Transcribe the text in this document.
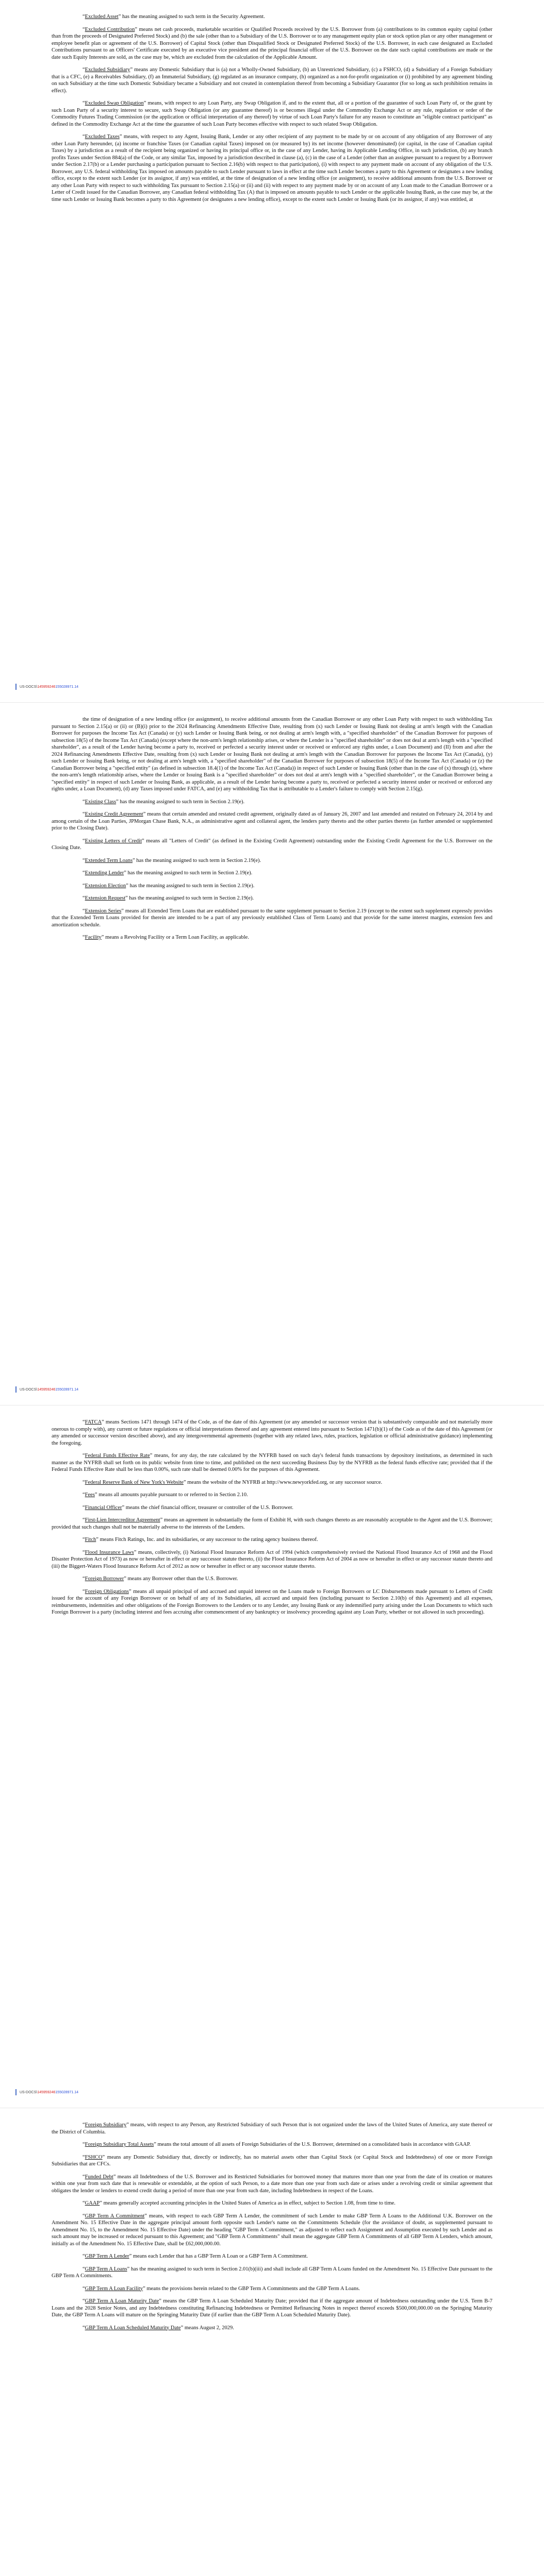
“Excluded Asset” has the meaning assigned to such term in the Security Agreement.

“Excluded Contribution” means net cash proceeds, marketable securities or Qualified Proceeds received by the U.S. Borrower from (a) contributions to its common equity capital (other than from the proceeds of Designated Preferred Stock) and (b) the sale (other than to a Subsidiary of the U.S. Borrower or to any management equity plan or stock option plan or any other management or employee benefit plan or agreement of the U.S. Borrower) of Capital Stock (other than Disqualified Stock or Designated Preferred Stock) of the U.S. Borrower, in each case designated as Excluded Contributions pursuant to an Officers' Certificate executed by an executive vice president and the principal financial officer of the U.S. Borrower on the date such capital contributions are made or the date such Equity Interests are sold, as the case may be, which are excluded from the calculation of the Applicable Amount.

“Excluded Subsidiary” means any Domestic Subsidiary that is (a) not a Wholly-Owned Subsidiary, (b) an Unrestricted Subsidiary, (c) a FSHCO, (d) a Subsidiary of a Foreign Subsidiary that is a CFC, (e) a Receivables Subsidiary, (f) an Immaterial Subsidiary, (g) regulated as an insurance company, (h) organized as a not-for-profit organization or (i) prohibited by any agreement binding on such Subsidiary at the time such Domestic Subsidiary became a Subsidiary and not created in contemplation thereof from becoming a Subsidiary Guarantor (for so long as such prohibition remains in effect).

“Excluded Swap Obligation” means, with respect to any Loan Party, any Swap Obligation if, and to the extent that, all or a portion of the guarantee of such Loan Party of, or the grant by such Loan Party of a security interest to secure, such Swap Obligation (or any guarantee thereof) is or becomes illegal under the Commodity Exchange Act or any rule, regulation or order of the Commodity Futures Trading Commission (or the application or official interpretation of any thereof) by virtue of such Loan Party's failure for any reason to constitute an "eligible contract participant" as defined in the Commodity Exchange Act at the time the guarantee of such Loan Party becomes effective with respect to such related Swap Obligation.

“Excluded Taxes” means, with respect to any Agent, Issuing Bank, Lender or any other recipient of any payment to be made by or on account of any obligation of any Borrower of any other Loan Party hereunder, (a) income or franchise Taxes (or Canadian capital Taxes) imposed on (or measured by) its net income (however denominated) (or capital, in the case of Canadian capital Taxes) by a jurisdiction as a result of the recipient being organized or having its principal office or, in the case of any Lender, having its Applicable Lending Office, in such jurisdiction, (b) any branch profits Taxes under Section 884(a) of the Code, or any similar Tax, imposed by a jurisdiction described in clause (a), (c) in the case of a Lender (other than an assignee pursuant to a request by a Borrower under Section 2.17(b) or a Lender purchasing a participation pursuant to Section 2.16(b) with respect to that participation), (i) with respect to any payment made on account of any obligation of the U.S. Borrower, any U.S. federal withholding Tax imposed on amounts payable to such Lender pursuant to laws in effect at the time such Lender becomes a party to this Agreement or designates a new lending office, except to the extent such Lender (or its assignor, if any) was entitled, at the time of designation of a new lending office (or assignment), to receive additional amounts from the U.S. Borrower or any other Loan Party with respect to such withholding Tax pursuant to Section 2.15(a) or (ii) and (ii) with respect to any payment made by or on account of any Loan made to the Canadian Borrower or a Letter of Credit issued for the Canadian Borrower, any Canadian federal withholding Tax (A) that is imposed on amounts payable to such Lender or the applicable Issuing Bank, as the case may be, at the time such Lender or Issuing Bank becomes a party to this Agreement (or designates a new lending office), except to the extent such Lender or Issuing Bank (or its assignor, if any) was entitled, at

US-DOCS\145959246155028971.14

the time of designation of a new lending office (or assignment), to receive additional amounts from the Canadian Borrower or any other Loan Party with respect to such withholding Tax pursuant to Section 2.15(a) or (ii) or (B)(i) prior to the 2024 Refinancing Amendments Effective Date, resulting from (x) such Lender or Issuing Bank not dealing at arm's length with the Canadian Borrower for purposes the Income Tax Act (Canada) or (y) such Lender or Issuing Bank being, or not dealing at arm's length with, a "specified shareholder" of the Canadian Borrower for purposes of subsection 18(5) of the Income Tax Act (Canada) (except where the non-arm's length relationship arises, or where the Lender is a "specified shareholder" or does not deal at arm's length with a "specified shareholder", as a result of the Lender having become a party to, received or perfected a security interest under or received or enforced any rights under, a Loan Document) and (II) from and after the 2024 Refinancing Amendments Effective Date, resulting from (x) such Lender or Issuing Bank not dealing at arm's length with the Canadian Borrower for purposes the Income Tax Act (Canada), (y) such Lender or Issuing Bank being, or not dealing at arm's length with, a "specified shareholder" of the Canadian Borrower for purposes of subsection 18(5) of the Income Tax Act (Canada) or (z) the Canadian Borrower being a "specified entity" (as defined in subsection 18.4(1) of the Income Tax Act (Canada)) in respect of such Lender or Issuing Bank (other than in the case of (x) through (z), where the non-arm's length relationship arises, where the Lender or Issuing Bank is a "specified shareholder" or does not deal at arm's length with a "specified shareholder", or the Canadian Borrower being a "specified entity" in respect of such Lender or Issuing Bank, as applicable, as a result of the Lender having become a party to, received or perfected a security interest under or received or enforced any rights under, a Loan Document), (d) any Taxes imposed under FATCA, and (e) any withholding Tax that is attributable to a Lender's failure to comply with Section 2.15(g).

“Existing Class” has the meaning assigned to such term in Section 2.19(e).

“Existing Credit Agreement” means that certain amended and restated credit agreement, originally dated as of January 26, 2007 and last amended and restated on February 24, 2014 by and among certain of the Loan Parties, JPMorgan Chase Bank, N.A., as administrative agent and collateral agent, the lenders party thereto and the other parties thereto (as further amended or supplemented prior to the Closing Date).

“Existing Letters of Credit” means all "Letters of Credit" (as defined in the Existing Credit Agreement) outstanding under the Existing Credit Agreement for the U.S. Borrower on the Closing Date.

“Extended Term Loans” has the meaning assigned to such term in Section 2.19(e).

“Extending Lender” has the meaning assigned to such term in Section 2.19(e).

“Extension Election” has the meaning assigned to such term in Section 2.19(e).

“Extension Request” has the meaning assigned to such term in Section 2.19(e).

“Extension Series” means all Extended Term Loans that are established pursuant to the same supplement pursuant to Section 2.19 (except to the extent such supplement expressly provides that the Extended Term Loans provided for therein are intended to be a part of any previously established Class of Term Loans) and that provide for the same interest margins, extension fees and amortization schedule.

“Facility” means a Revolving Facility or a Term Loan Facility, as applicable.

US-DOCS\145959246155028971.14

“FATCA” means Sections 1471 through 1474 of the Code, as of the date of this Agreement (or any amended or successor version that is substantively comparable and not materially more onerous to comply with), any current or future regulations or official interpretations thereof and any agreement entered into pursuant to Section 1471(b)(1) of the Code as of the date of this Agreement (or any amended or successor version described above), and any intergovernmental agreements (together with any related laws, rules, practices, legislation or official administrative guidance) implementing the foregoing.

“Federal Funds Effective Rate” means, for any day, the rate calculated by the NYFRB based on such day's federal funds transactions by depository institutions, as determined in such manner as the NYFRB shall set forth on its public website from time to time, and published on the next succeeding Business Day by the NYFRB as the federal funds effective rate; provided that if the Federal Funds Effective Rate shall be less than 0.00%, such rate shall be deemed 0.00% for the purposes of this Agreement.

“Federal Reserve Bank of New York's Website” means the website of the NYFRB at http://www.newyorkfed.org, or any successor source.

“Fees” means all amounts payable pursuant to or referred to in Section 2.10.

“Financial Officer” means the chief financial officer, treasurer or controller of the U.S. Borrower.

“First-Lien Intercreditor Agreement” means an agreement in substantially the form of Exhibit H, with such changes thereto as are reasonably acceptable to the Agent and the U.S. Borrower; provided that such changes shall not be materially adverse to the interests of the Lenders.

“Fitch” means Fitch Ratings, Inc. and its subsidiaries, or any successor to the rating agency business thereof.

“Flood Insurance Laws” means, collectively, (i) National Flood Insurance Reform Act of 1994 (which comprehensively revised the National Flood Insurance Act of 1968 and the Flood Disaster Protection Act of 1973) as now or hereafter in effect or any successor statute thereto, (ii) the Flood Insurance Reform Act of 2004 as now or hereafter in effect or any successor statute thereto and (iii) the Biggert-Waters Flood Insurance Reform Act of 2012 as now or hereafter in effect or any successor statute thereto.

“Foreign Borrower” means any Borrower other than the U.S. Borrower.

“Foreign Obligations” means all unpaid principal of and accrued and unpaid interest on the Loans made to Foreign Borrowers or LC Disbursements made pursuant to Letters of Credit issued for the account of any Foreign Borrower or on behalf of any of its Subsidiaries, all accrued and unpaid fees (including pursuant to Section 2.10(b) of this Agreement) and all expenses, reimbursements, indemnities and other obligations of the Foreign Borrowers to the Lenders or to any Lender, any Issuing Bank or any indemnified party arising under the Loan Documents to which such Foreign Borrower is a party (including interest and fees accruing after commencement of any bankruptcy or insolvency proceeding against any Loan Party, whether or not allowed in such proceeding).

US-DOCS\145959246155028971.14

“Foreign Subsidiary” means, with respect to any Person, any Restricted Subsidiary of such Person that is not organized under the laws of the United States of America, any state thereof or the District of Columbia.

“Foreign Subsidiary Total Assets” means the total amount of all assets of Foreign Subsidiaries of the U.S. Borrower, determined on a consolidated basis in accordance with GAAP.

“FSHCO” means any Domestic Subsidiary that, directly or indirectly, has no material assets other than Capital Stock (or Capital Stock and Indebtedness) of one or more Foreign Subsidiaries that are CFCs.

“Funded Debt” means all Indebtedness of the U.S. Borrower and its Restricted Subsidiaries for borrowed money that matures more than one year from the date of its creation or matures within one year from such date that is renewable or extendable, at the option of such Person, to a date more than one year from such date or arises under a revolving credit or similar agreement that obligates the lender or lenders to extend credit during a period of more than one year from such date, including Indebtedness in respect of the Loans.

“GAAP” means generally accepted accounting principles in the United States of America as in effect, subject to Section 1.08, from time to time.

“GBP Term A Commitment” means, with respect to each GBP Term A Lender, the commitment of such Lender to make GBP Term A Loans to the Additional U.K. Borrower on the Amendment No. 15 Effective Date in the aggregate principal amount forth opposite such Lender's name on the Commitments Schedule (for the avoidance of doubt, as supplemented pursuant to Amendment No. 15, to the Amendment No. 15 Effective Date) under the heading "GBP Term A Commitment," as adjusted to reflect each Assignment and Assumption executed by such Lender and as such amount may be increased or reduced pursuant to this Agreement; and "GBP Term A Commitments" shall mean the aggregate GBP Term A Commitments of all GBP Term A Lenders, which amount, initially as of the Amendment No. 15 Effective Date, shall be £62,000,000.00.

“GBP Term A Lender” means each Lender that has a GBP Term A Loan or a GBP Term A Commitment.

“GBP Term A Loans” has the meaning assigned to such term in Section 2.01(b)(iii) and shall include all GBP Term A Loans funded on the Amendment No. 15 Effective Date pursuant to the GBP Term A Commitments.

“GBP Term A Loan Facility” means the provisions herein related to the GBP Term A Commitments and the GBP Term A Loans.

“GBP Term A Loan Maturity Date” means the GBP Term A Loan Scheduled Maturity Date; provided that if the aggregate amount of Indebtedness outstanding under the U.S. Term B-7 Loans and the 2028 Senior Notes, and any Indebtedness constituting Refinancing Indebtedness or Permitted Refinancing Notes in respect thereof exceeds $500,000,000.00 on the Springing Maturity Date, the GBP Term A Loans will mature on the Springing Maturity Date (if earlier than the GBP Term A Loan Scheduled Maturity Date).

“GBP Term A Loan Scheduled Maturity Date” means August 2, 2029.
